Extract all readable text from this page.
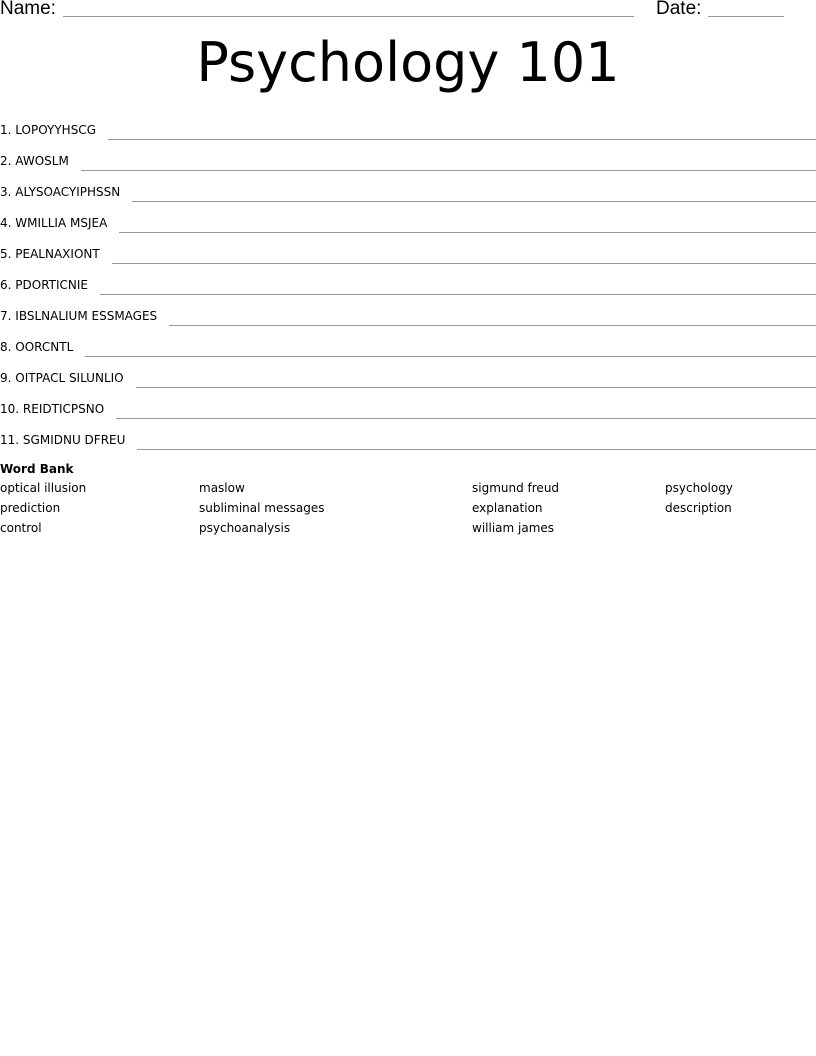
Name:	Date:
Psychology 101
1. LOPOYYHSCG
2. AWOSLM
3. ALYSOACYIPHSSN
4. WMILLIA MSJEA
5. PEALNAXIONT
6. PDORTICNIE
7. IBSLNALIUM ESSMAGES
8. OORCNTL
9. OITPACL SILUNLIO
10. REIDTICPSNO
11. SGMIDNU DFREU
Word Bank
optical illusion
prediction
control
maslow
subliminal messages
psychoanalysis
sigmund freud
explanation
william james
psychology
description
